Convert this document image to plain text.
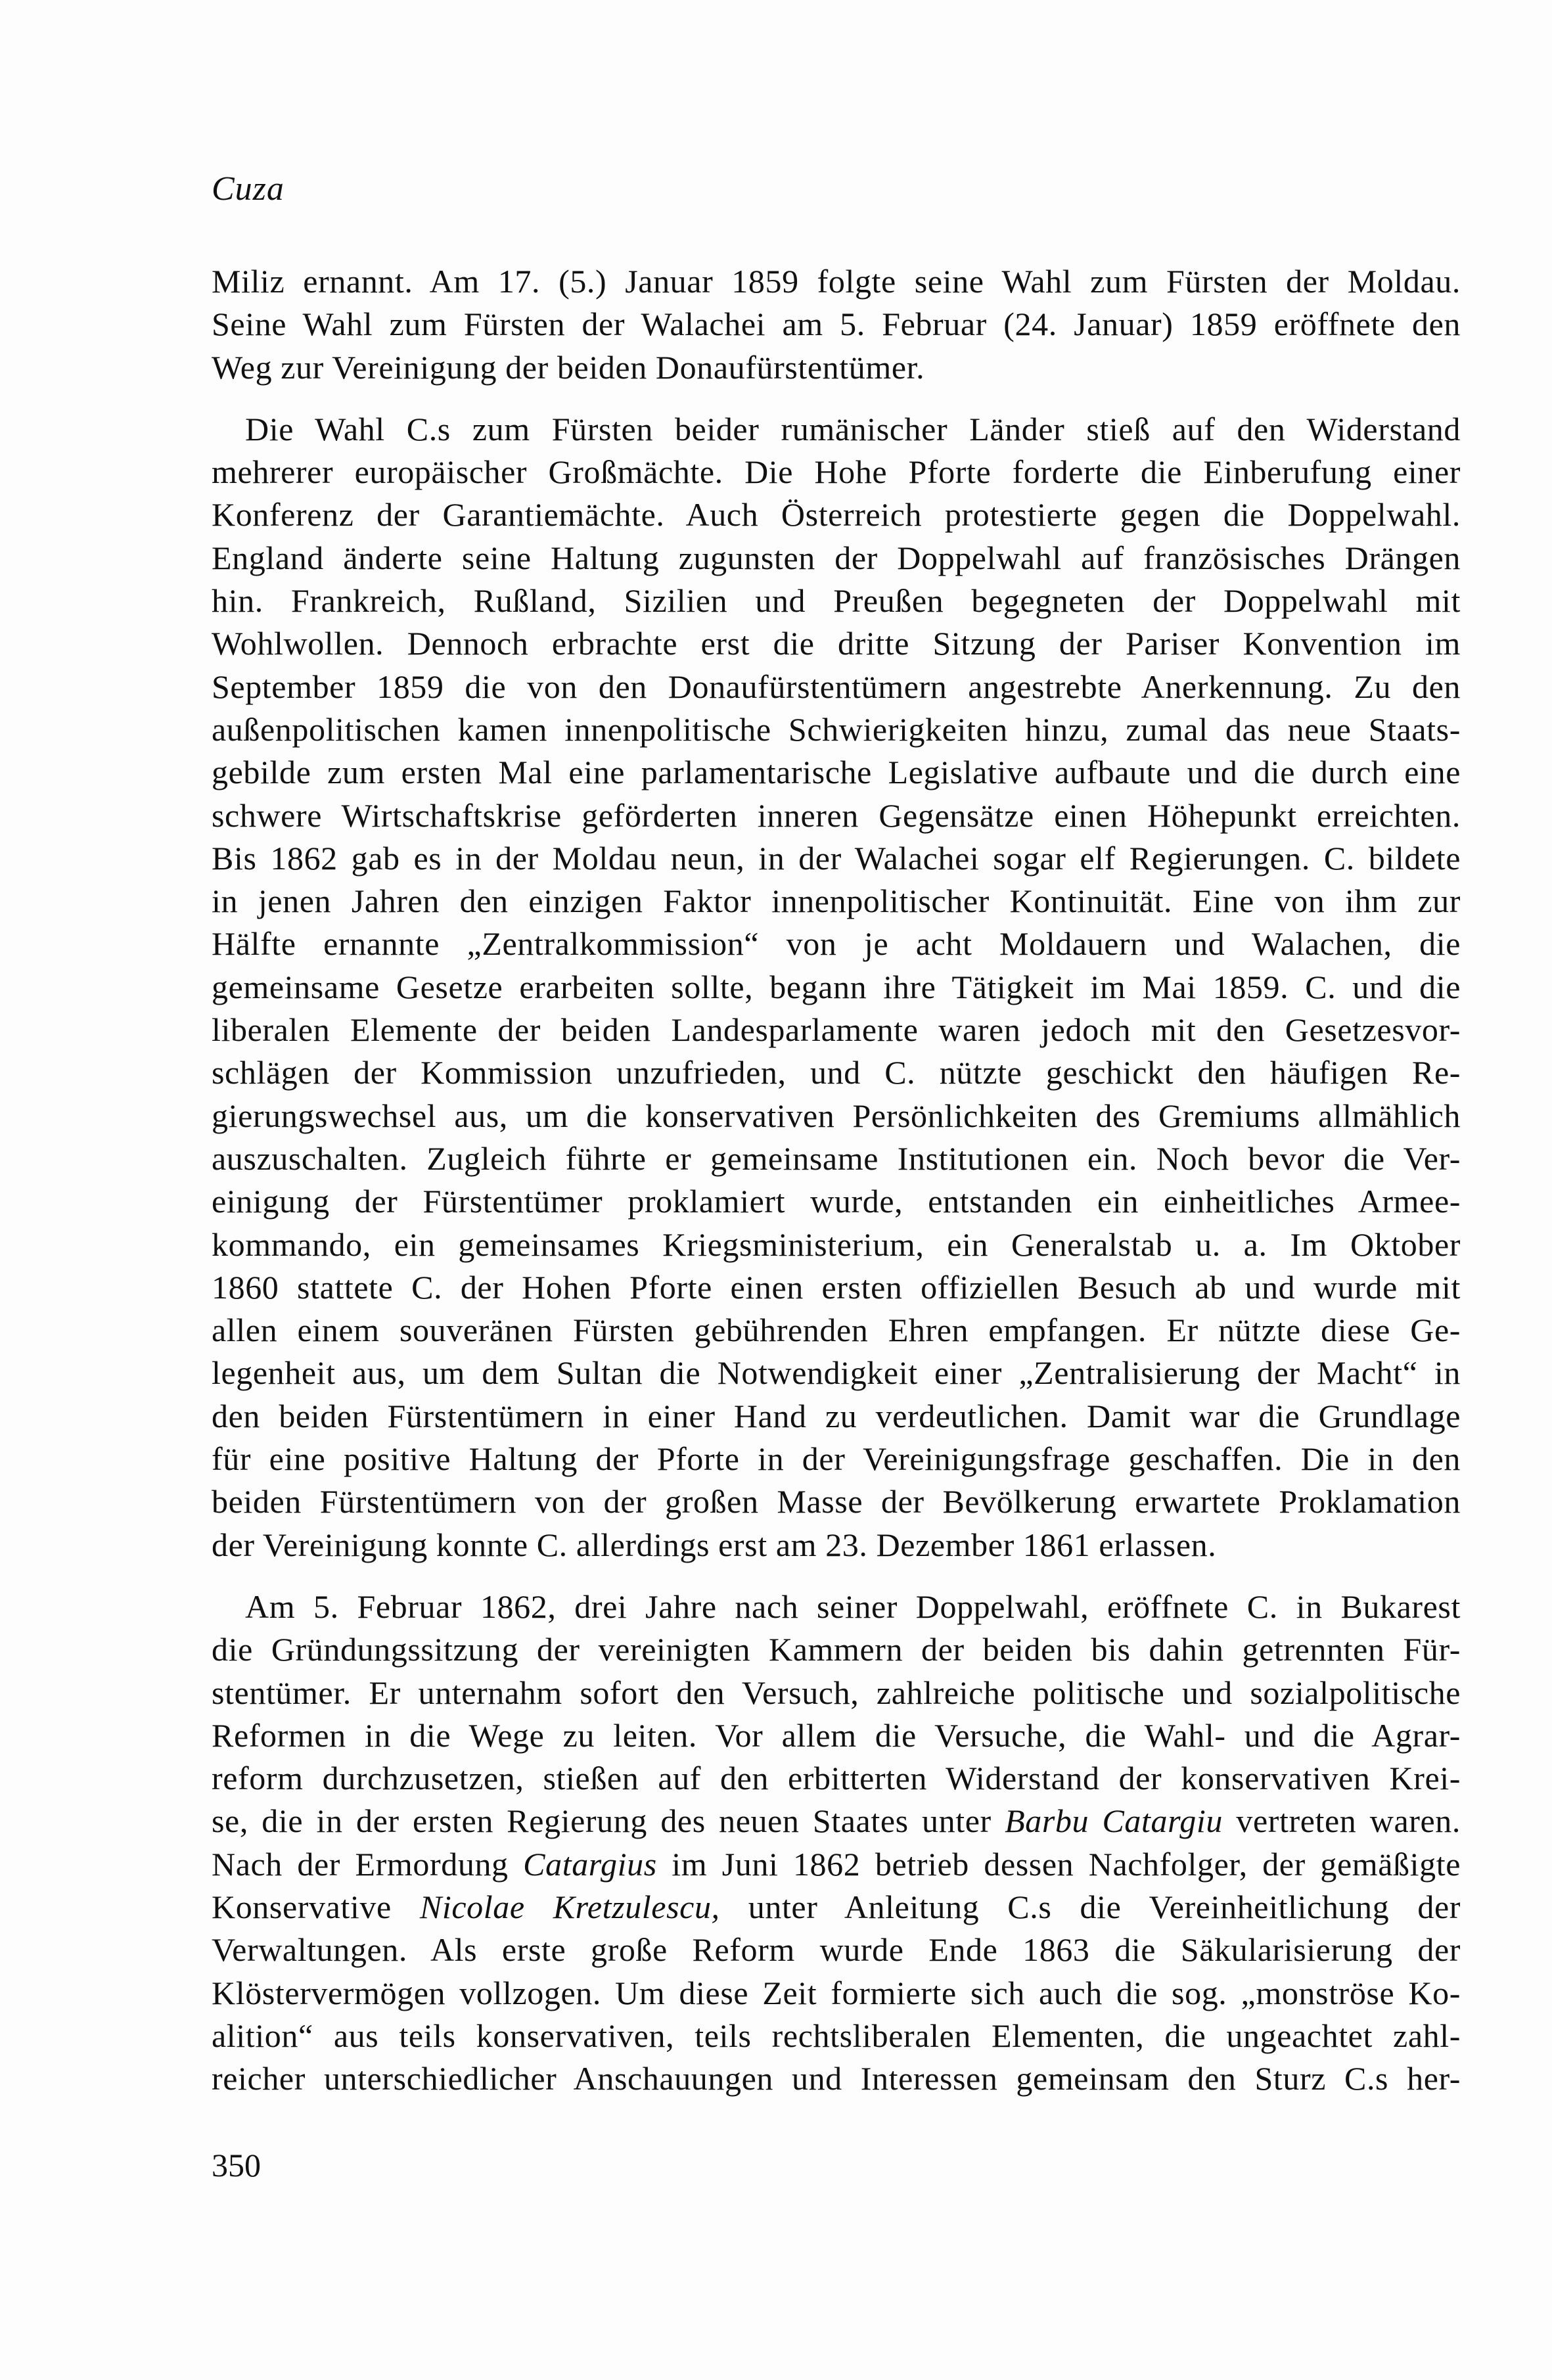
Cuza
Miliz ernannt. Am 17. (5.) Januar 1859 folgte seine Wahl zum Fürsten der Moldau.
Seine Wahl zum Fürsten der Walachei am 5. Februar (24. Januar) 1859 eröffnete den
Weg zur Vereinigung der beiden Donaufürstentümer.
Die Wahl C.s zum Fürsten beider rumänischer Länder stieß auf den Widerstand
mehrerer europäischer Großmächte. Die Hohe Pforte forderte die Einberufung einer
Konferenz der Garantiemächte. Auch Österreich protestierte gegen die Doppelwahl.
England änderte seine Haltung zugunsten der Doppelwahl auf französisches Drängen
hin. Frankreich, Rußland, Sizilien und Preußen begegneten der Doppelwahl mit
Wohlwollen. Dennoch erbrachte erst die dritte Sitzung der Pariser Konvention im
September 1859 die von den Donaufürstentümern angestrebte Anerkennung. Zu den
außenpolitischen kamen innenpolitische Schwierigkeiten hinzu, zumal das neue Staats-
gebilde zum ersten Mal eine parlamentarische Legislative aufbaute und die durch eine
schwere Wirtschaftskrise geförderten inneren Gegensätze einen Höhepunkt erreichten.
Bis 1862 gab es in der Moldau neun, in der Walachei sogar elf Regierungen. C. bildete
in jenen Jahren den einzigen Faktor innenpolitischer Kontinuität. Eine von ihm zur
Hälfte ernannte „Zentralkommission“ von je acht Moldauern und Walachen, die
gemeinsame Gesetze erarbeiten sollte, begann ihre Tätigkeit im Mai 1859. C. und die
liberalen Elemente der beiden Landesparlamente waren jedoch mit den Gesetzesvor-
schlägen der Kommission unzufrieden, und C. nützte geschickt den häufigen Re-
gierungswechsel aus, um die konservativen Persönlichkeiten des Gremiums allmählich
auszuschalten. Zugleich führte er gemeinsame Institutionen ein. Noch bevor die Ver-
einigung der Fürstentümer proklamiert wurde, entstanden ein einheitliches Armee-
kommando, ein gemeinsames Kriegsministerium, ein Generalstab u. a. Im Oktober
1860 stattete C. der Hohen Pforte einen ersten offiziellen Besuch ab und wurde mit
allen einem souveränen Fürsten gebührenden Ehren empfangen. Er nützte diese Ge-
legenheit aus, um dem Sultan die Notwendigkeit einer „Zentralisierung der Macht“ in
den beiden Fürstentümern in einer Hand zu verdeutlichen. Damit war die Grundlage
für eine positive Haltung der Pforte in der Vereinigungsfrage geschaffen. Die in den
beiden Fürstentümern von der großen Masse der Bevölkerung erwartete Proklamation
der Vereinigung konnte C. allerdings erst am 23. Dezember 1861 erlassen.
Am 5. Februar 1862, drei Jahre nach seiner Doppelwahl, eröffnete C. in Bukarest
die Gründungssitzung der vereinigten Kammern der beiden bis dahin getrennten Für-
stentümer. Er unternahm sofort den Versuch, zahlreiche politische und sozialpolitische
Reformen in die Wege zu leiten. Vor allem die Versuche, die Wahl- und die Agrar-
reform durchzusetzen, stießen auf den erbitterten Widerstand der konservativen Krei-
se, die in der ersten Regierung des neuen Staates unter Barbu Catargiu vertreten waren.
Nach der Ermordung Catargius im Juni 1862 betrieb dessen Nachfolger, der gemäßigte
Konservative Nicolae Kretzulescu, unter Anleitung C.s die Vereinheitlichung der
Verwaltungen. Als erste große Reform wurde Ende 1863 die Säkularisierung der
Klöstervermögen vollzogen. Um diese Zeit formierte sich auch die sog. „monströse Ko-
alition“ aus teils konservativen, teils rechtsliberalen Elementen, die ungeachtet zahl-
reicher unterschiedlicher Anschauungen und Interessen gemeinsam den Sturz C.s her-
350
